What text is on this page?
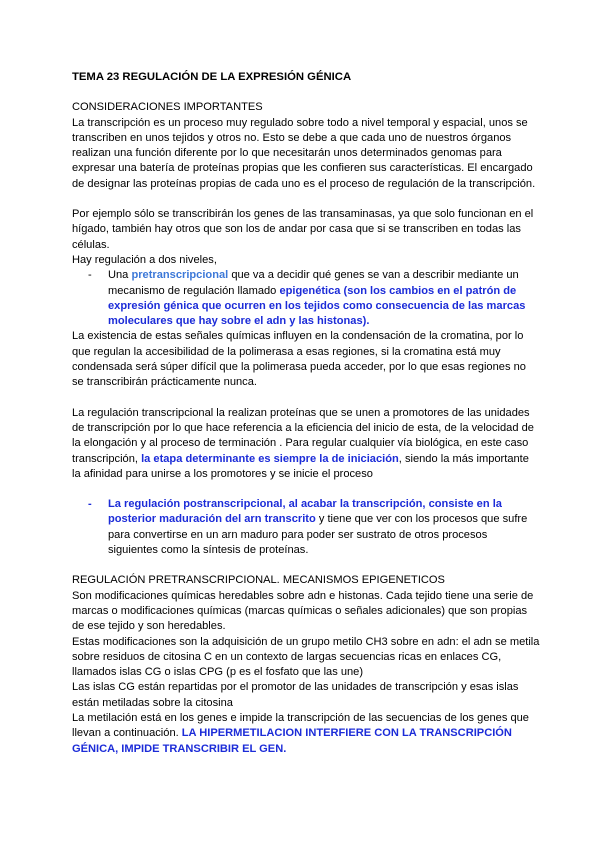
TEMA 23 REGULACIÓN DE LA EXPRESIÓN GÉNICA

CONSIDERACIONES IMPORTANTES

La transcripción es un proceso muy regulado sobre todo a nivel temporal y espacial, unos se transcriben en unos tejidos y otros no. Esto se debe a que cada uno de nuestros órganos realizan una función diferente por lo que necesitarán unos determinados genomas para expresar una batería de proteínas propias que les confieren sus características. El encargado de designar las proteínas propias de cada uno es el proceso de regulación de la transcripción.

Por ejemplo sólo se transcribirán los genes de las transaminasas, ya que solo funcionan en el hígado, también hay otros que son los de andar por casa que si se transcriben en todas las células.

Hay regulación a dos niveles,

- Una pretranscripcional que va a decidir qué genes se van a describir mediante un mecanismo de regulación llamado epigenética (son los cambios en el patrón de expresión génica que ocurren en los tejidos como consecuencia de las marcas moleculares que hay sobre el adn y las histonas).

La existencia de estas señales químicas influyen en la condensación de la cromatina, por lo que regulan la accesibilidad de la polimerasa a esas regiones, si la cromatina está muy condensada será súper difícil que la polimerasa pueda acceder, por lo que esas regiones no se transcribirán prácticamente nunca.

La regulación transcripcional la realizan proteínas que se unen a promotores de las unidades de transcripción por lo que hace referencia a la eficiencia del inicio de esta, de la velocidad de la elongación y al proceso de terminación . Para regular cualquier vía biológica, en este caso transcripción, la etapa determinante es siempre la de iniciación, siendo la más importante la afinidad para unirse a los promotores y se inicie el proceso

- La regulación postranscripcional, al acabar la transcripción, consiste en la posterior maduración del arn transcrito y tiene que ver con los procesos que sufre para convertirse en un arn maduro para poder ser sustrato de otros procesos siguientes como la síntesis de proteínas.

REGULACIÓN PRETRANSCRIPCIONAL. MECANISMOS EPIGENETICOS

Son modificaciones químicas heredables sobre adn e histonas. Cada tejido tiene una serie de marcas o modificaciones químicas (marcas químicas o señales adicionales) que son propias de ese tejido y son heredables.

Estas modificaciones son la adquisición de un grupo metilo CH3 sobre en adn: el adn se metila sobre residuos de citosina C en un contexto de largas secuencias ricas en enlaces CG, llamados islas CG o islas CPG (p es el fosfato que las une)

Las islas CG están repartidas por el promotor de las unidades de transcripción y esas islas están metiladas sobre la citosina

La metilación está en los genes e impide la transcripción de las secuencias de los genes que llevan a continuación. LA HIPERMETILACION INTERFIERE CON LA TRANSCRIPCIÓN GÉNICA, IMPIDE TRANSCRIBIR EL GEN.
